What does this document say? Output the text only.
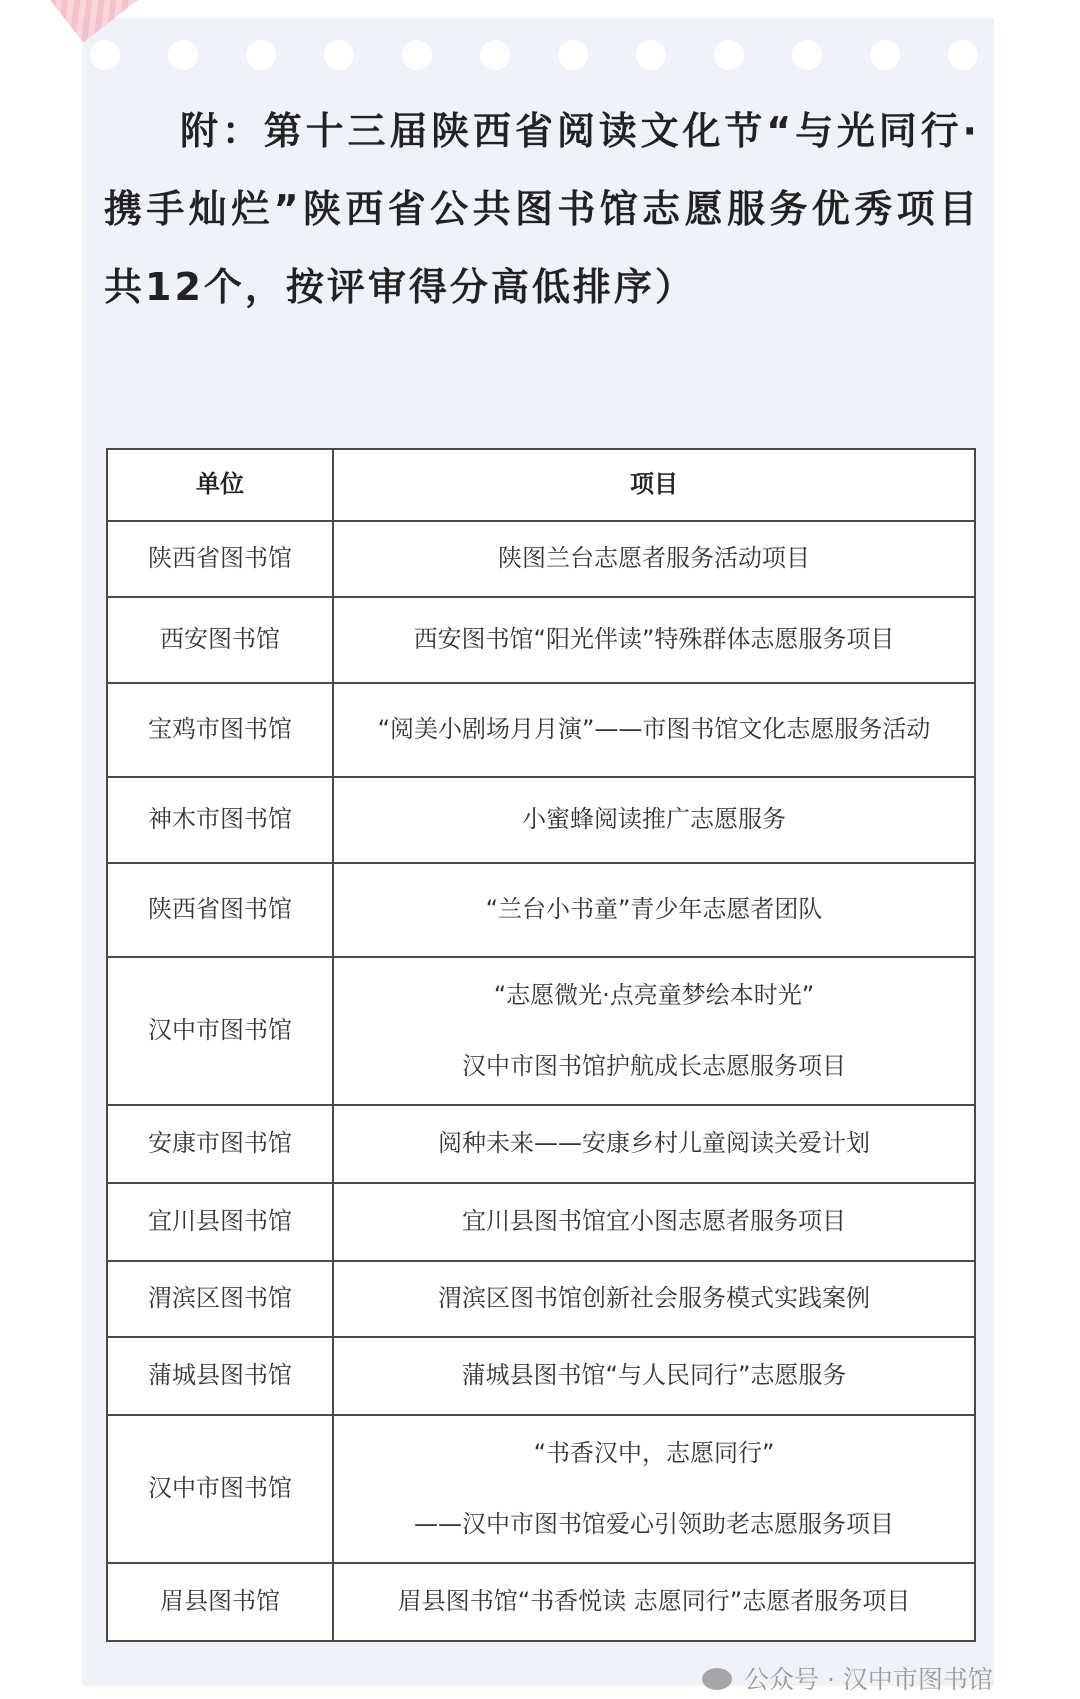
附：第十三届陕西省阅读文化节“与光同行·携手灿烂”陕西省公共图书馆志愿服务优秀项目共12个，按评审得分高低排序）

单位	项目
陕西省图书馆	陕图兰台志愿者服务活动项目
西安图书馆	西安图书馆“阳光伴读”特殊群体志愿服务项目
宝鸡市图书馆	“阅美小剧场月月演”——市图书馆文化志愿服务活动
神木市图书馆	小蜜蜂阅读推广志愿服务
陕西省图书馆	“兰台小书童”青少年志愿者团队
汉中市图书馆	“志愿微光·点亮童梦绘本时光”
汉中市图书馆护航成长志愿服务项目

安康市图书馆	阅种未来——安康乡村儿童阅读关爱计划
宜川县图书馆	宜川县图书馆宜小图志愿者服务项目
渭滨区图书馆	渭滨区图书馆创新社会服务模式实践案例
蒲城县图书馆	蒲城县图书馆“与人民同行”志愿服务
汉中市图书馆	“书香汉中，志愿同行”
——汉中市图书馆爱心引领助老志愿服务项目

眉县图书馆	眉县图书馆“书香悦读 志愿同行”志愿者服务项目
公众号 · 汉中市图书馆
